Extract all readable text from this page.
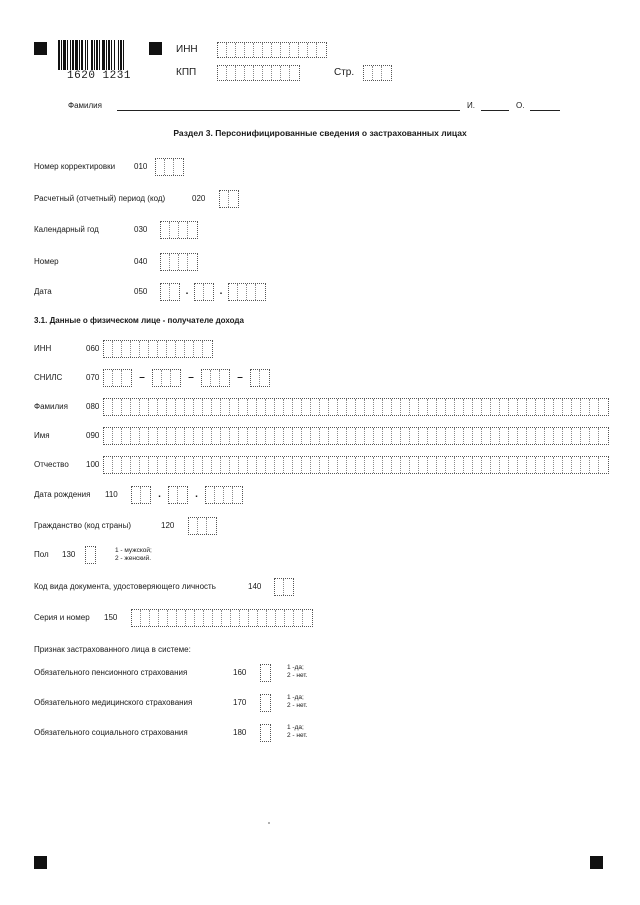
1620 1231
ИНН
КПП	Стр.
Фамилия	И.	О.
Раздел 3. Персонифицированные сведения о застрахованных лицах
Номер корректировки 010
Расчетный (отчетный) период (код)	020
Календарный год	030
Номер	040
Дата	050	.	.
3.1. Данные о физическом лице - получателе дохода
ИНН	060
СНИЛС	070	–	–	–
Фамилия 080
Имя	090
Отчество 100
Дата рождения 110	.	.
Гражданство (код страны)	120
Пол 130	1 - мужской;
2 - женский.
Код вида документа, удостоверяющего личность	140
Серия и номер 150
Признак застрахованного лица в системе:
Обязательного пенсионного страхования	160
1 -да;
2 - нет.
Обязательного медицинского страхования	170
1 -да;
2 - нет.
Обязательного социального страхования	180
1 -да;
2 - нет.
